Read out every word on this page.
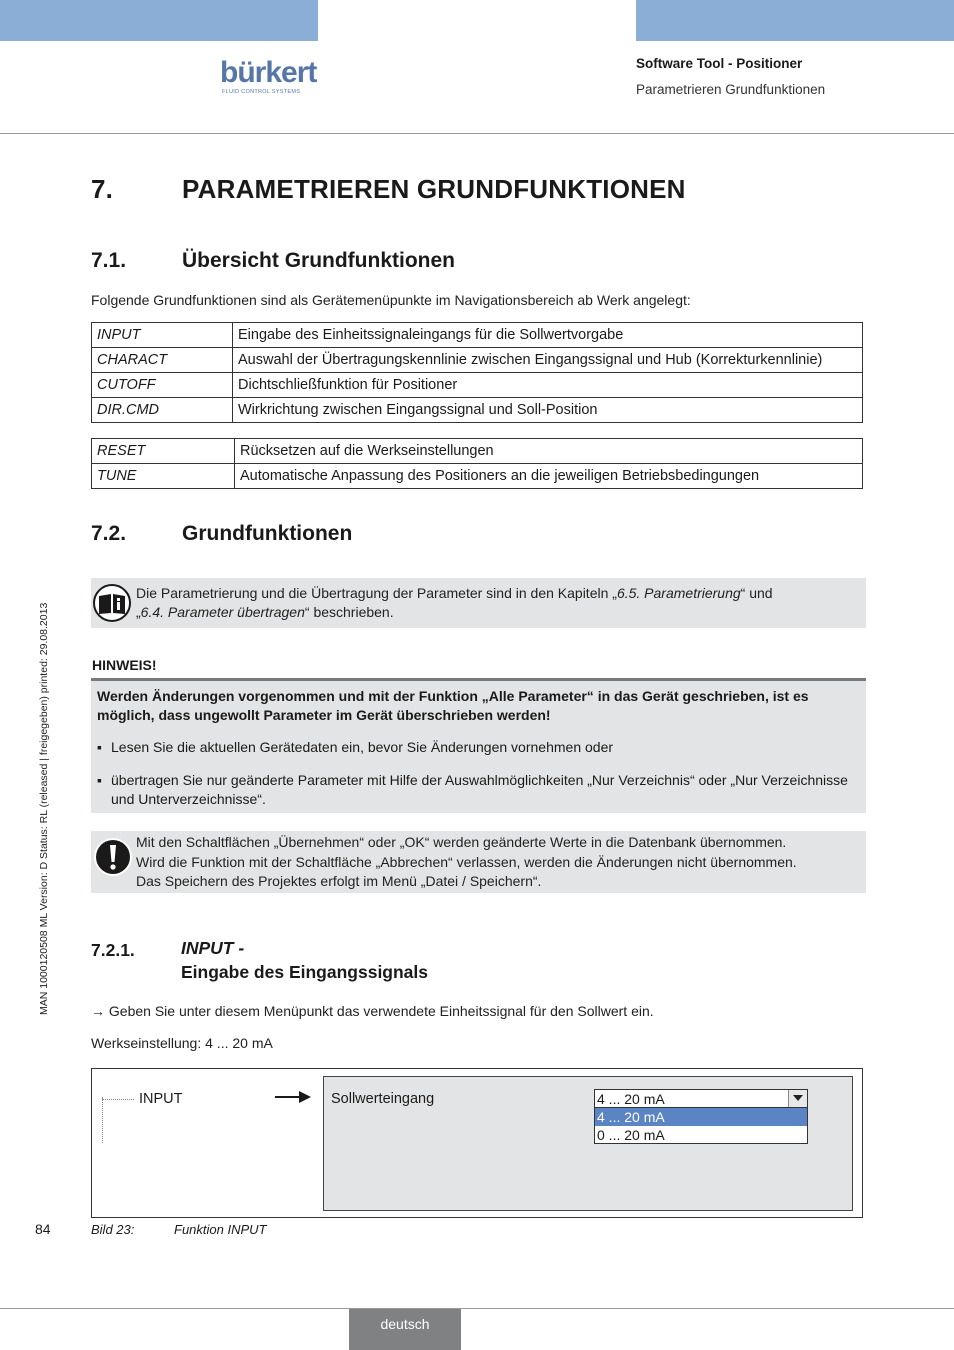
bürkert
FLUID CONTROL SYSTEMS
Software Tool - Positioner
Parametrieren Grundfunktionen
MAN 1000120508 ML Version: D Status: RL (released | freigegeben) printed: 29.08.2013
7.	PARAMETRIEREN GRUNDFUNKTIONEN
7.1.	Übersicht Grundfunktionen
Folgende Grundfunktionen sind als Gerätemenüpunkte im Navigationsbereich ab Werk angelegt:
INPUT	Eingabe des Einheitssignaleingangs für die Sollwertvorgabe
CHARACT	Auswahl der Übertragungskennlinie zwischen Eingangssignal und Hub (Korrekturkennlinie)
CUTOFF	Dichtschließfunktion für Positioner
DIR.CMD	Wirkrichtung zwischen Eingangssignal und Soll-Position
RESET	Rücksetzen auf die Werkseinstellungen
TUNE	Automatische Anpassung des Positioners an die jeweiligen Betriebsbedingungen
7.2.	Grundfunktionen
Die Parametrierung und die Übertragung der Parameter sind in den Kapiteln „6.5. Parametrierung“ und
„6.4. Parameter übertragen“ beschrieben.
HINWEIS!
Werden Änderungen vorgenommen und mit der Funktion „Alle Parameter“ in das Gerät geschrieben, ist es möglich, dass ungewollt Parameter im Gerät überschrieben werden!
▪ Lesen Sie die aktuellen Gerätedaten ein, bevor Sie Änderungen vornehmen oder
▪ übertragen Sie nur geänderte Parameter mit Hilfe der Auswahlmöglichkeiten „Nur Verzeichnis“ oder „Nur Verzeichnisse und Unterverzeichnisse“.
Mit den Schaltflächen „Übernehmen“ oder „OK“ werden geänderte Werte in die Datenbank übernommen.
Wird die Funktion mit der Schaltfläche „Abbrechen“ verlassen, werden die Änderungen nicht übernommen.
Das Speichern des Projektes erfolgt im Menü „Datei / Speichern“.
7.2.1.	INPUT -
Eingabe des Eingangssignals
→ Geben Sie unter diesem Menüpunkt das verwendete Einheitssignal für den Sollwert ein.
Werkseinstellung: 4 ... 20 mA
INPUT	Sollwerteingang	4 ... 20 mA
4 ... 20 mA
0 ... 20 mA
84	Bild 23:	Funktion INPUT
deutsch
